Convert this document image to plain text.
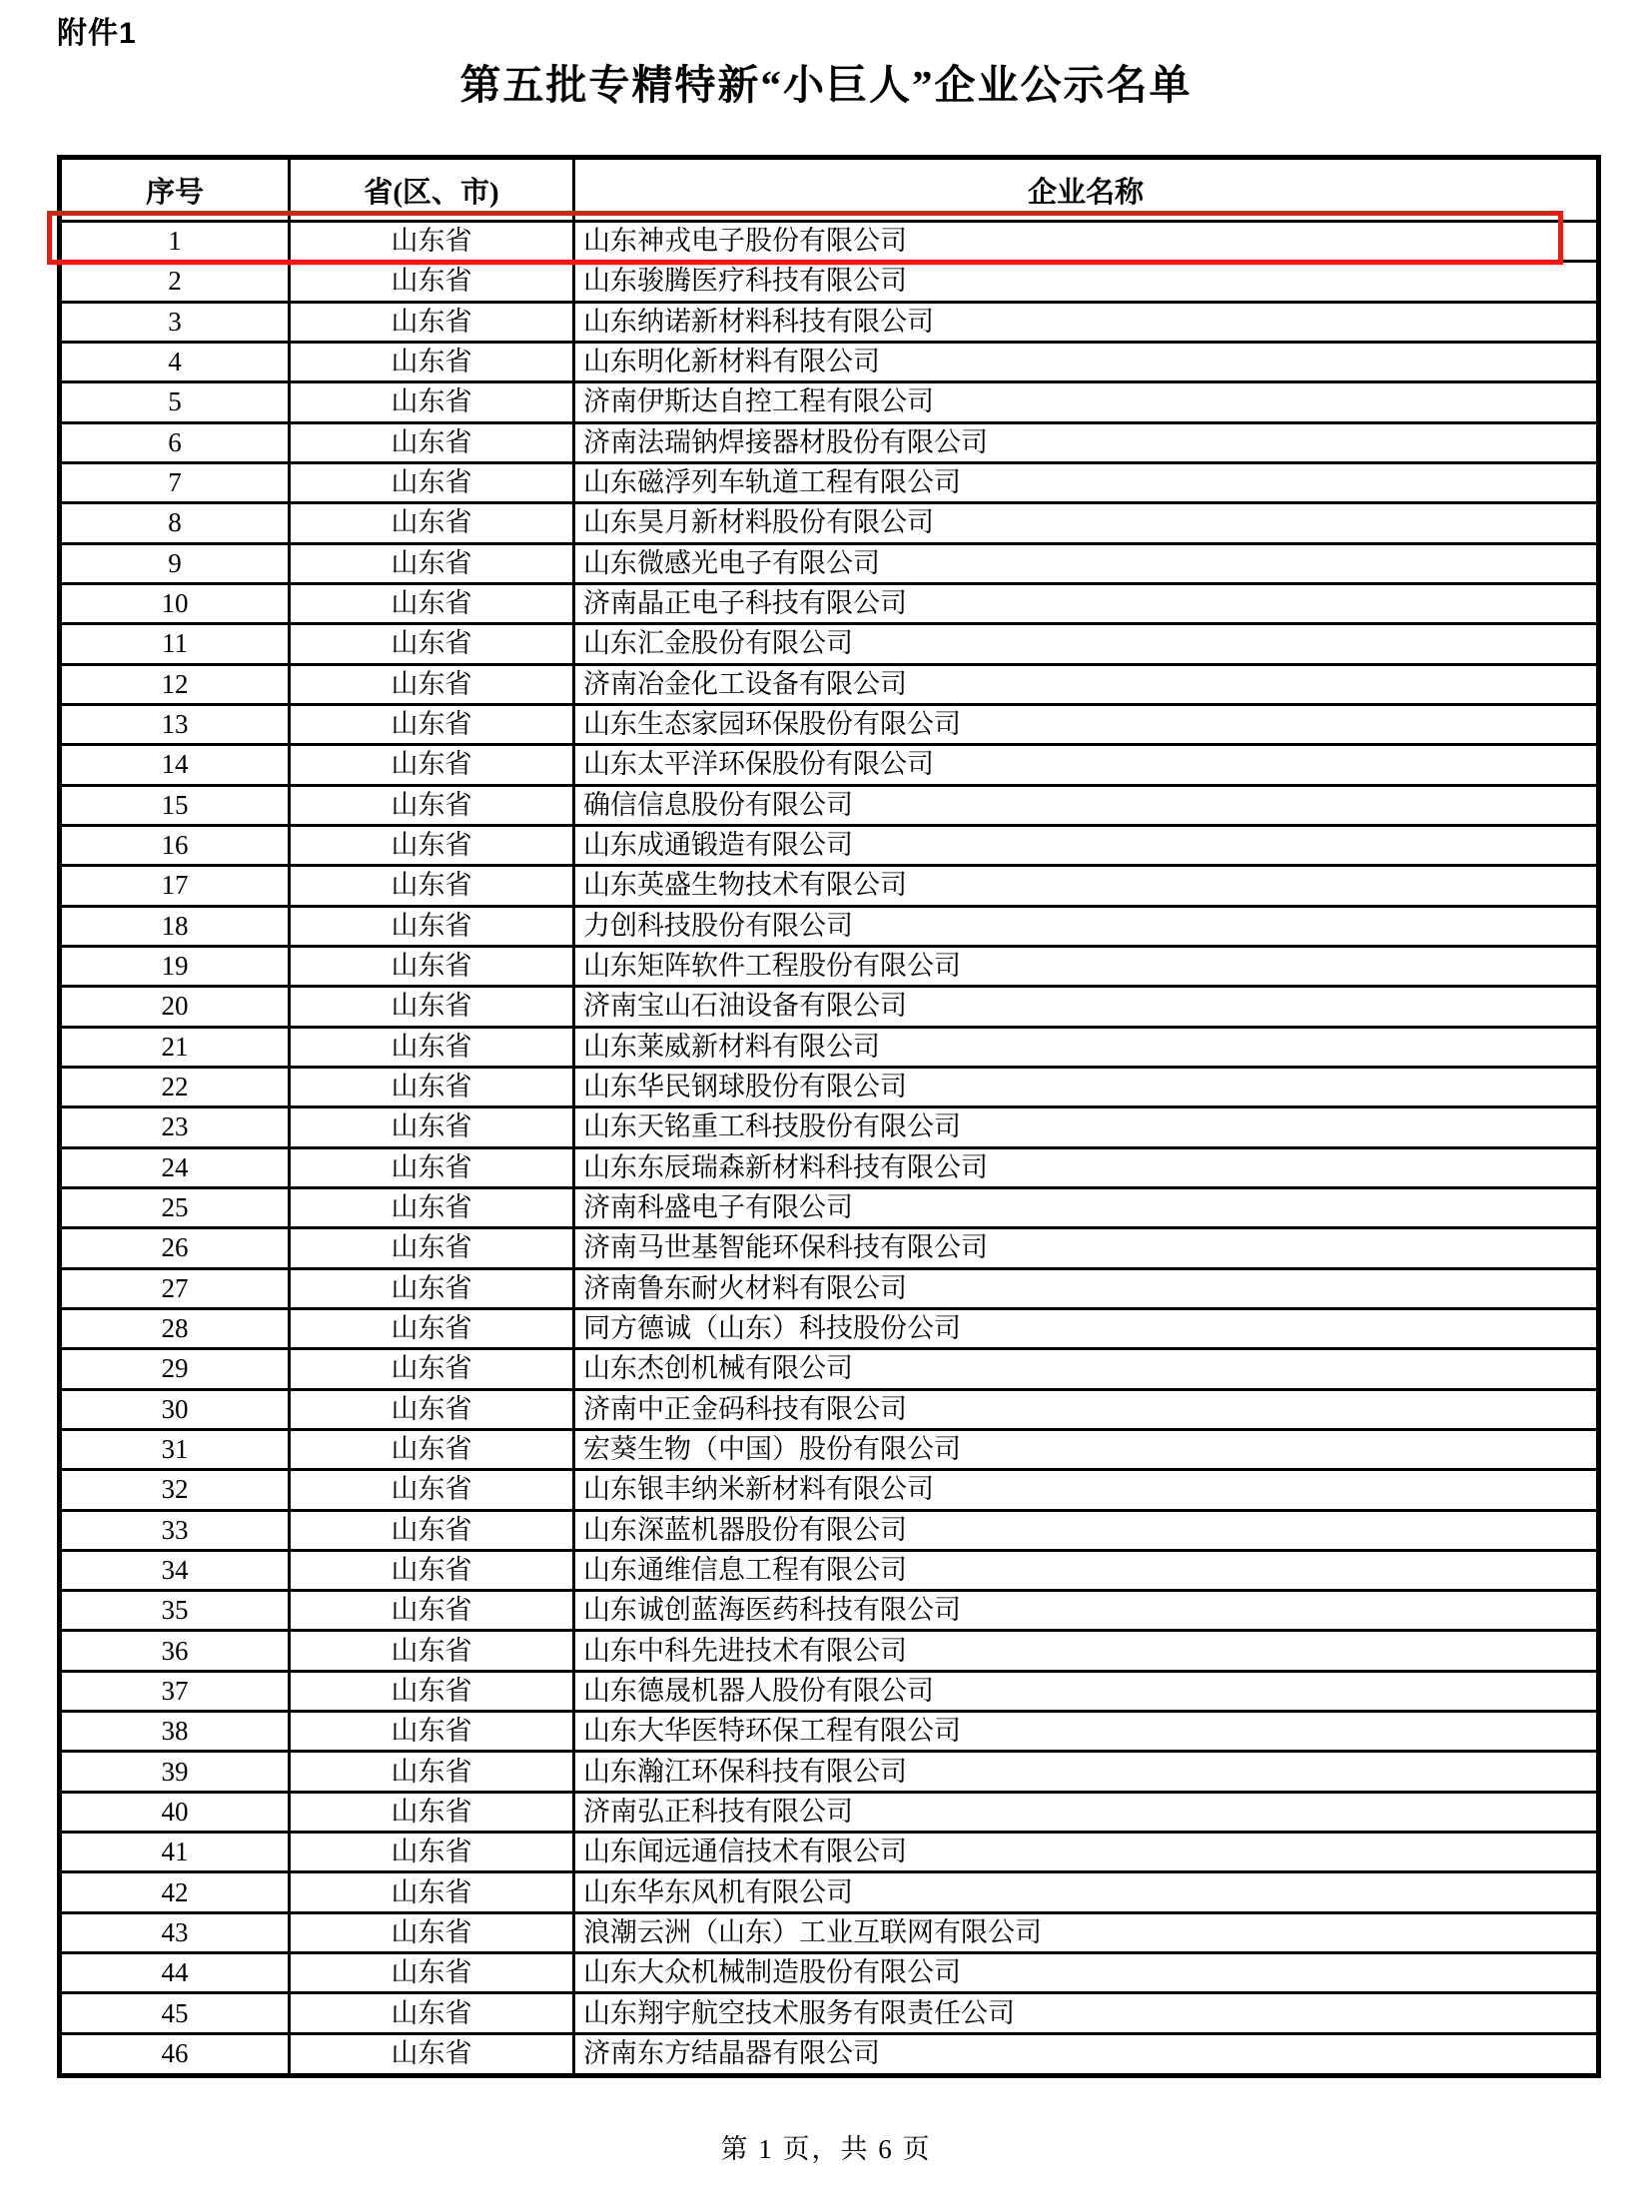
附件1
第五批专精特新“小巨人”企业公示名单
序号	省(区、市)	企业名称
1	山东省	山东神戎电子股份有限公司
2	山东省	山东骏腾医疗科技有限公司
3	山东省	山东纳诺新材料科技有限公司
4	山东省	山东明化新材料有限公司
5	山东省	济南伊斯达自控工程有限公司
6	山东省	济南法瑞钠焊接器材股份有限公司
7	山东省	山东磁浮列车轨道工程有限公司
8	山东省	山东昊月新材料股份有限公司
9	山东省	山东微感光电子有限公司
10	山东省	济南晶正电子科技有限公司
11	山东省	山东汇金股份有限公司
12	山东省	济南冶金化工设备有限公司
13	山东省	山东生态家园环保股份有限公司
14	山东省	山东太平洋环保股份有限公司
15	山东省	确信信息股份有限公司
16	山东省	山东成通锻造有限公司
17	山东省	山东英盛生物技术有限公司
18	山东省	力创科技股份有限公司
19	山东省	山东矩阵软件工程股份有限公司
20	山东省	济南宝山石油设备有限公司
21	山东省	山东莱威新材料有限公司
22	山东省	山东华民钢球股份有限公司
23	山东省	山东天铭重工科技股份有限公司
24	山东省	山东东辰瑞森新材料科技有限公司
25	山东省	济南科盛电子有限公司
26	山东省	济南马世基智能环保科技有限公司
27	山东省	济南鲁东耐火材料有限公司
28	山东省	同方德诚（山东）科技股份公司
29	山东省	山东杰创机械有限公司
30	山东省	济南中正金码科技有限公司
31	山东省	宏葵生物（中国）股份有限公司
32	山东省	山东银丰纳米新材料有限公司
33	山东省	山东深蓝机器股份有限公司
34	山东省	山东通维信息工程有限公司
35	山东省	山东诚创蓝海医药科技有限公司
36	山东省	山东中科先进技术有限公司
37	山东省	山东德晟机器人股份有限公司
38	山东省	山东大华医特环保工程有限公司
39	山东省	山东瀚江环保科技有限公司
40	山东省	济南弘正科技有限公司
41	山东省	山东闻远通信技术有限公司
42	山东省	山东华东风机有限公司
43	山东省	浪潮云洲（山东）工业互联网有限公司
44	山东省	山东大众机械制造股份有限公司
45	山东省	山东翔宇航空技术服务有限责任公司
46	山东省	济南东方结晶器有限公司
第 1 页，共 6 页
